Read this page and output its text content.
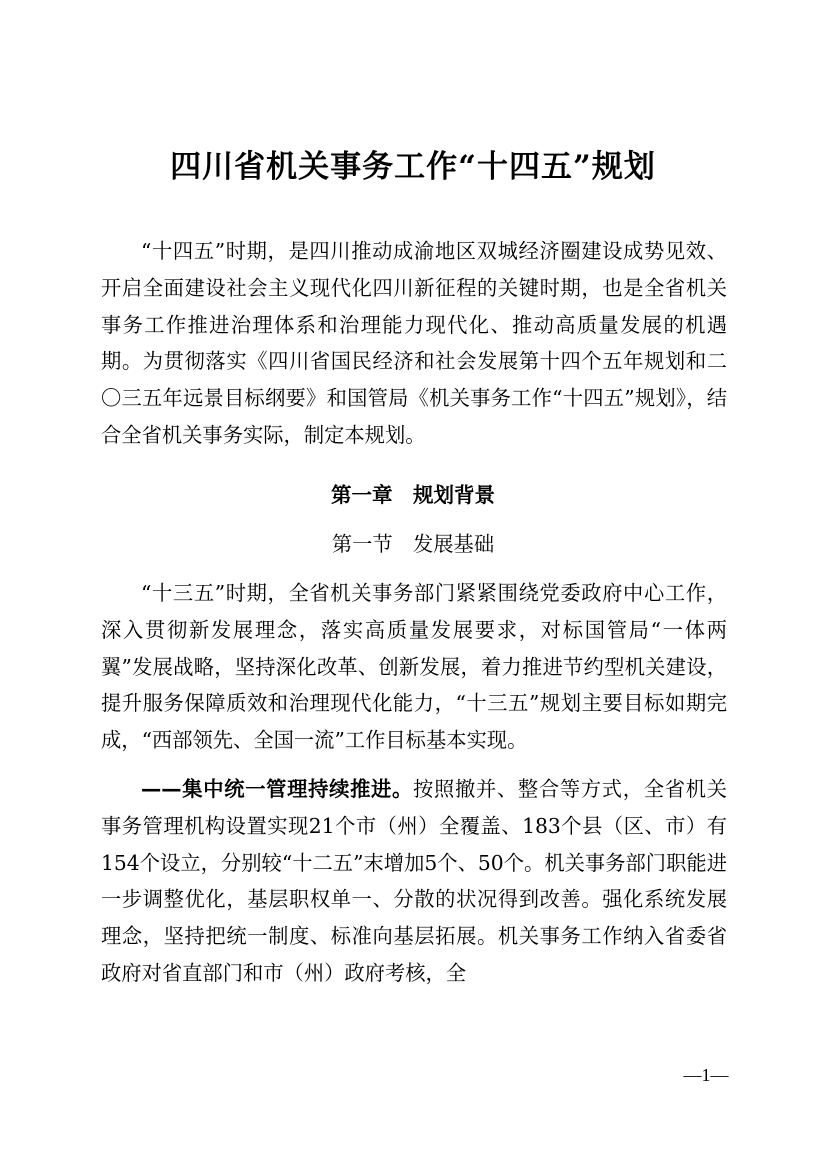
四川省机关事务工作“十四五”规划

“十四五”时期，是四川推动成渝地区双城经济圈建设成势见效、开启全面建设社会主义现代化四川新征程的关键时期，也是全省机关事务工作推进治理体系和治理能力现代化、推动高质量发展的机遇期。为贯彻落实《四川省国民经济和社会发展第十四个五年规划和二〇三五年远景目标纲要》和国管局《机关事务工作“十四五”规划》，结合全省机关事务实际，制定本规划。

第一章　规划背景
第一节　发展基础

“十三五”时期，全省机关事务部门紧紧围绕党委政府中心工作，深入贯彻新发展理念，落实高质量发展要求，对标国管局“一体两翼”发展战略，坚持深化改革、创新发展，着力推进节约型机关建设，提升服务保障质效和治理现代化能力，“十三五”规划主要目标如期完成，“西部领先、全国一流”工作目标基本实现。

——集中统一管理持续推进。按照撤并、整合等方式，全省机关事务管理机构设置实现21个市（州）全覆盖、183个县（区、市）有154个设立，分别较“十二五”末增加5个、50个。机关事务部门职能进一步调整优化，基层职权单一、分散的状况得到改善。强化系统发展理念，坚持把统一制度、标准向基层拓展。机关事务工作纳入省委省政府对省直部门和市（州）政府考核，全

—1—
